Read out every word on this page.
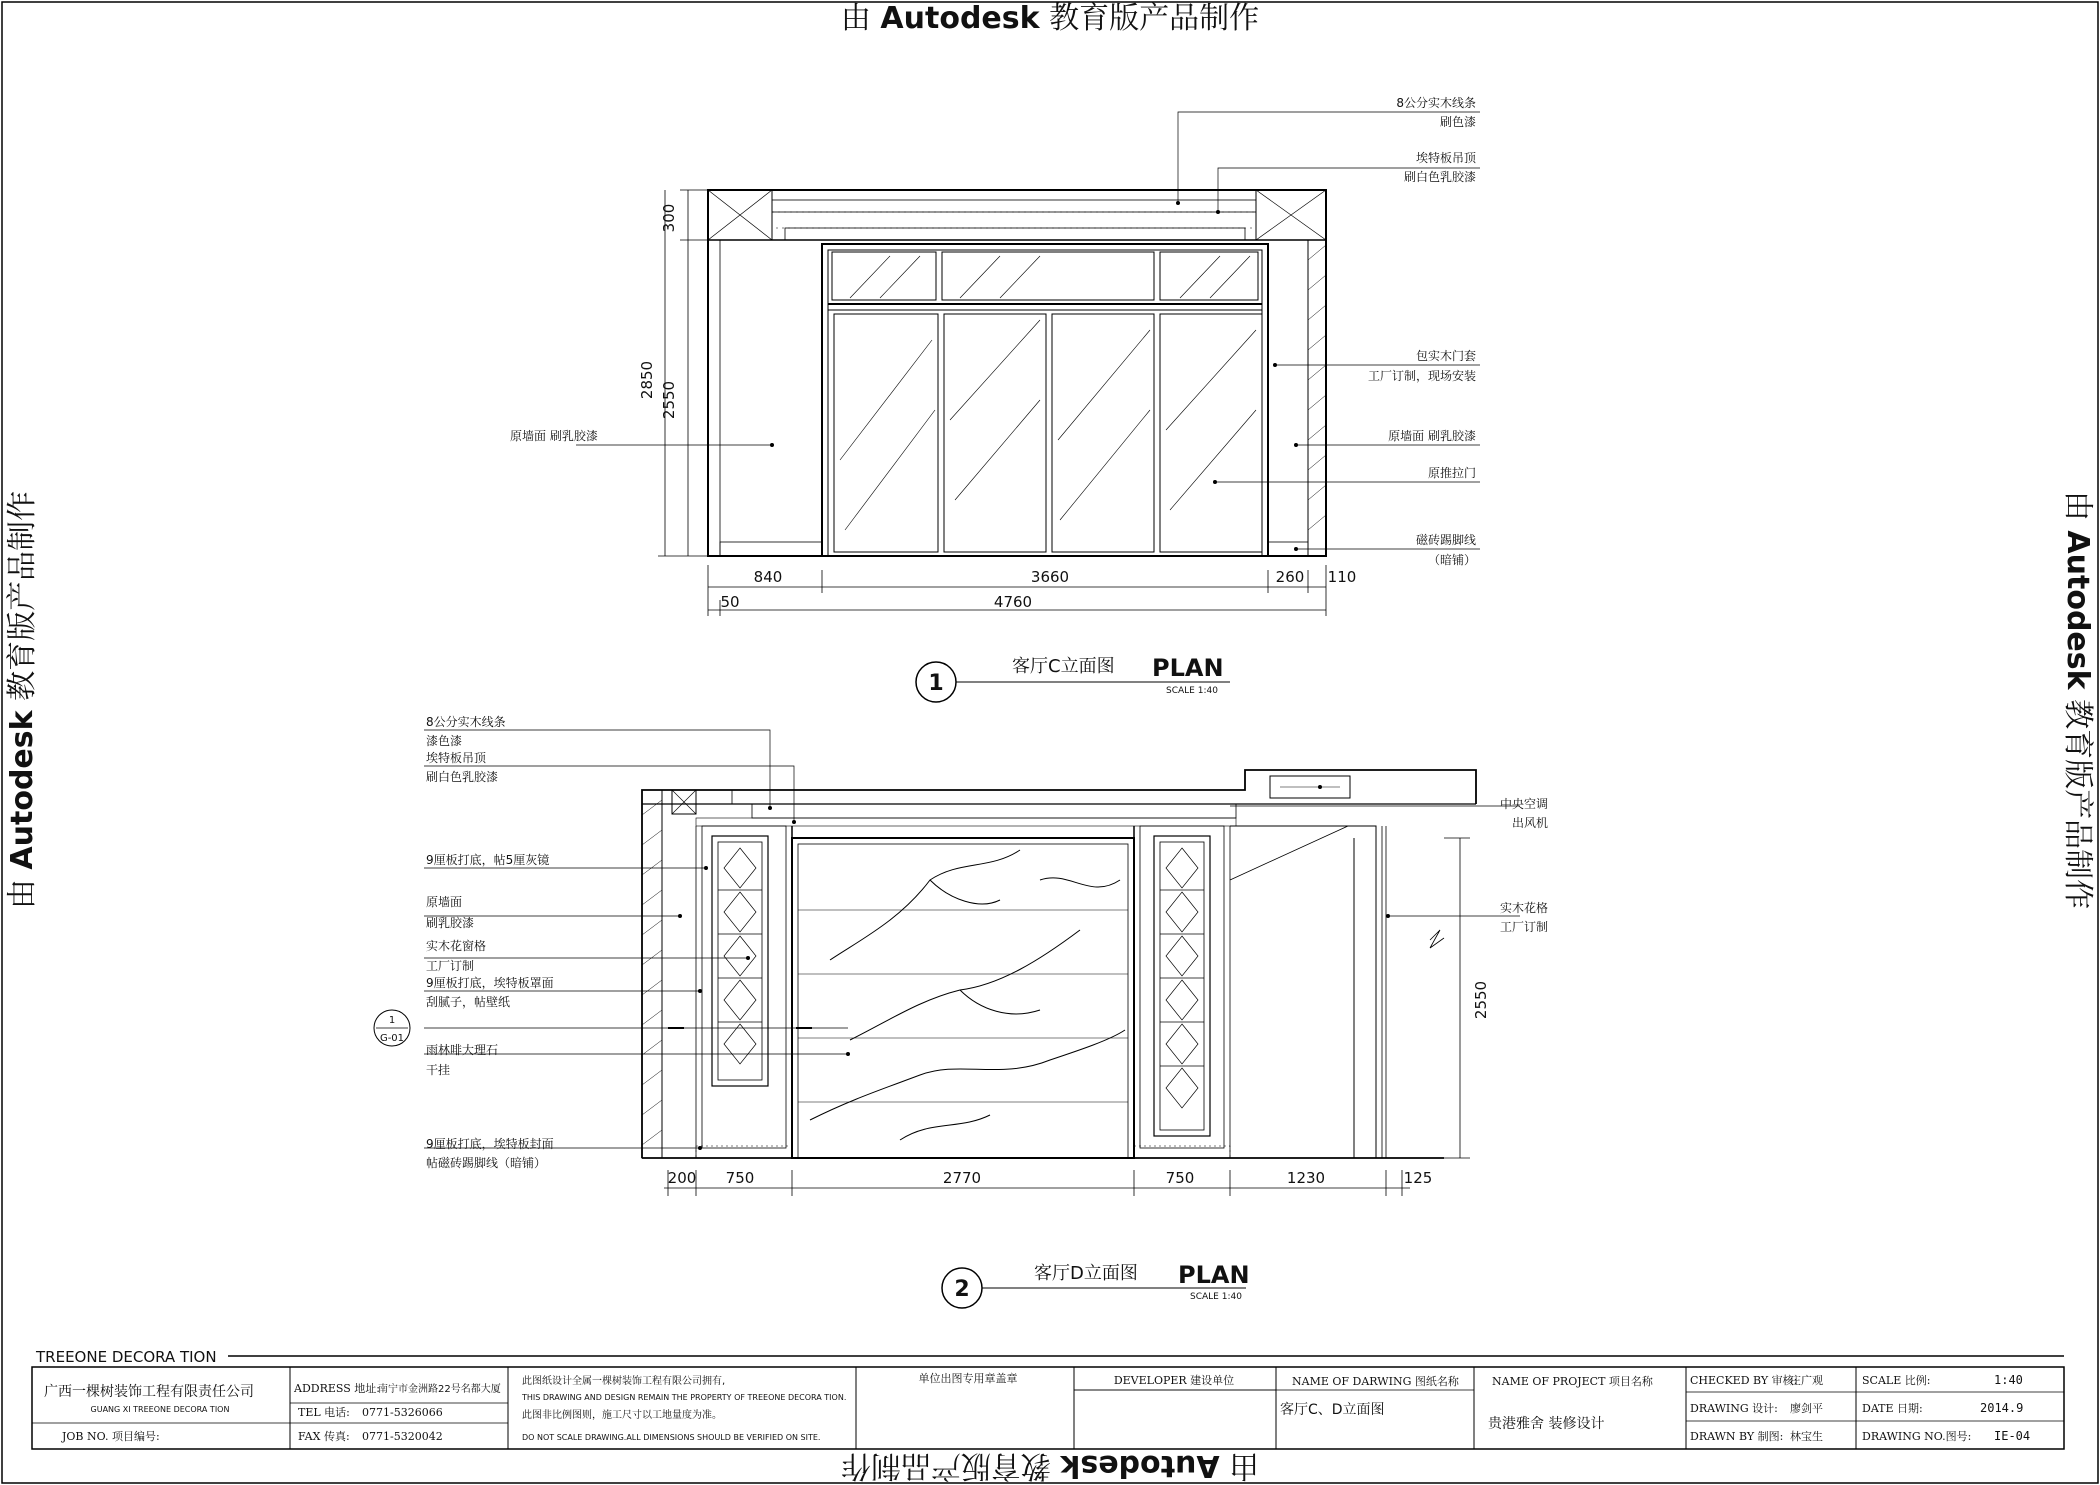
由 Autodesk 教育版产品制作
由 Autodesk 教育版产品制作
由 Autodesk 教育版产品制作	由 Autodesk 教育版产品制作
300
2850
2550
840	3660	260 110
50	4760
8公分实木线条
刷色漆
埃特板吊顶
刷白色乳胶漆
包实木门套
工厂订制，现场安装
原墙面 刷乳胶漆
原推拉门
磁砖踢脚线
（暗铺）
原墙面 刷乳胶漆
1
客厅C立面图 PLAN
SCALE 1:40
2550
200 750	2770	750	1230	125
8公分实木线条
漆色漆
埃特板吊顶
刷白色乳胶漆
9厘板打底，帖5厘灰镜
原墙面
刷乳胶漆
实木花窗格
工厂订制
9厘板打底，埃特板罩面
刮腻子，帖壁纸
雨林啡大理石
干挂
9厘板打底，埃特板封面
帖磁砖踢脚线（暗铺）
中央空调
出风机
实木花格
工厂订制
1
G-01
2
客厅D立面图 PLAN
SCALE 1:40
TREEONE DECORA TION
广西一棵树装饰工程有限责任公司
GUANG XI TREEONE DECORA TION
JOB NO. 项目编号:
ADDRESS 地址:
南宁市金洲路22号名都大厦
TEL 电话: 0771-5326066
FAX 传真: 0771-5320042
此图纸设计全属一棵树装饰工程有限公司拥有,
THIS DRAWING AND DESIGN REMAIN THE PROPERTY OF TREEONE DECORA TION.
此图非比例图则，施工尺寸以工地量度为准。
DO NOT SCALE DRAWING.ALL DIMENSIONS SHOULD BE VERIFIED ON SITE.
单位出图专用章盖章	DEVELOPER 建设单位	NAME OF DARWING 图纸名称
客厅C、D立面图
NAME OF PROJECT 项目名称
贵港雅舍 装修设计
CHECKED BY 审核:
庄广观
DRAWING 设计: 廖剑平
DRAWN BY 制图: 林宝生
SCALE 比例:	1:40
DATE 日期:	2014.9
DRAWING NO.图号: IE-04
